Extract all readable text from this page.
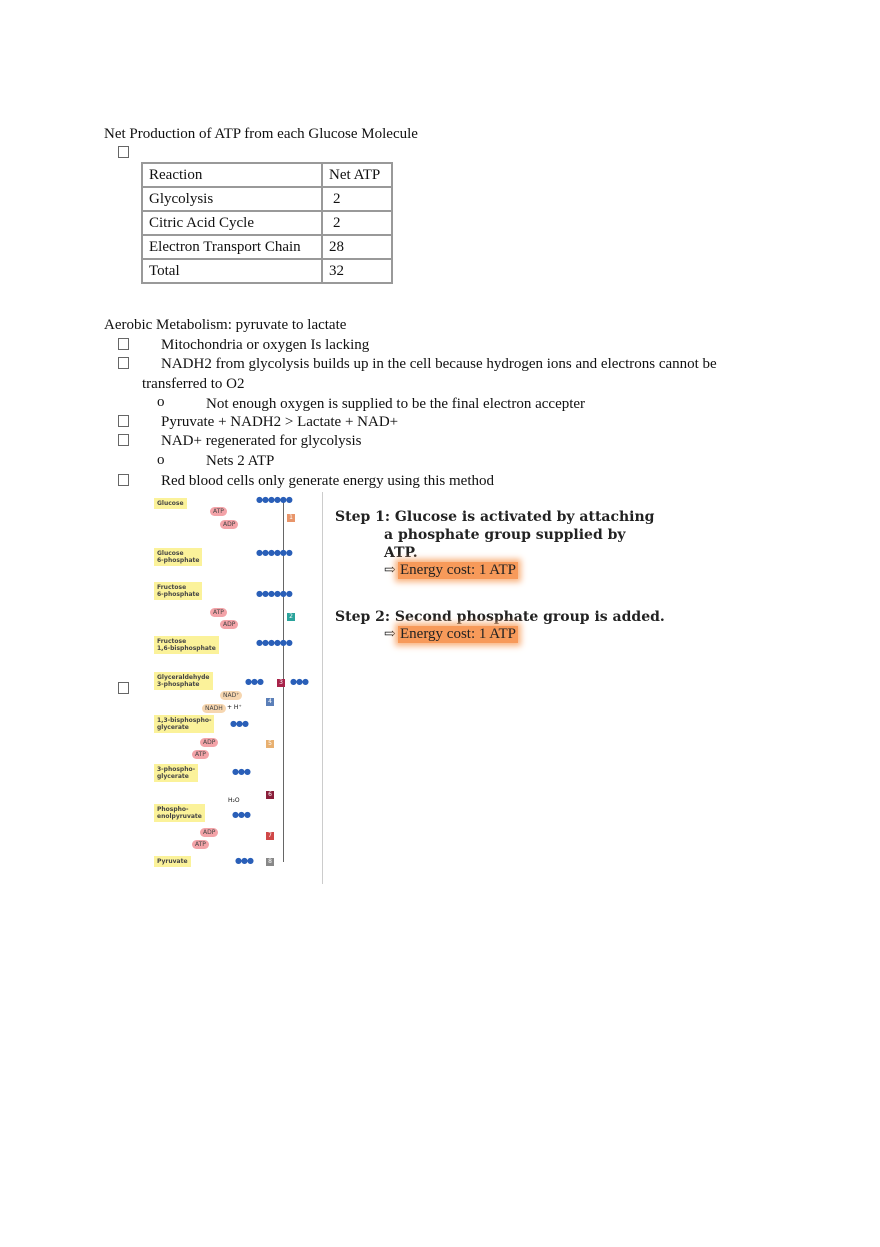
Net Production of ATP from each Glucose Molecule
Reaction	Net ATP
Glycolysis	2
Citric Acid Cycle	2
Electron Transport Chain	28
Total	32
Aerobic Metabolism: pyruvate to lactate
Mitochondria or oxygen Is lacking
NADH2 from glycolysis builds up in the cell because hydrogen ions and electrons cannot be
transferred to O2
o	Not enough oxygen is supplied to be the final electron accepter
Pyruvate + NADH2 > Lactate + NAD+
NAD+ regenerated for glycolysis
o	Nets 2 ATP
Red blood cells only generate energy using this method
Glucose	●●●●●●
ATP
ADP
1
Glucose
6-phosphate
●●●●●●
Fructose
6-phosphate	●●●●●●
ATP
ADP
2
Fructose
1,6-bisphosphate
●●●●●●
Glyceraldehyde
3-phosphate	●●●	3 ●●●
NAD⁺
NADH + H⁺
4
1,3-bisphospho-
glycerate	●●●
ADP
ATP
5
3-phospho-
glycerate
●●●
H₂O
6
Phospho-
enolpyruvate	●●●
ADP
ATP
7
Pyruvate	●●●	8
Step 1: Glucose is activated by attaching
a phosphate group supplied by
ATP.
⇨ Energy cost: 1 ATP
Step 2: Second phosphate group is added.
⇨ Energy cost: 1 ATP
